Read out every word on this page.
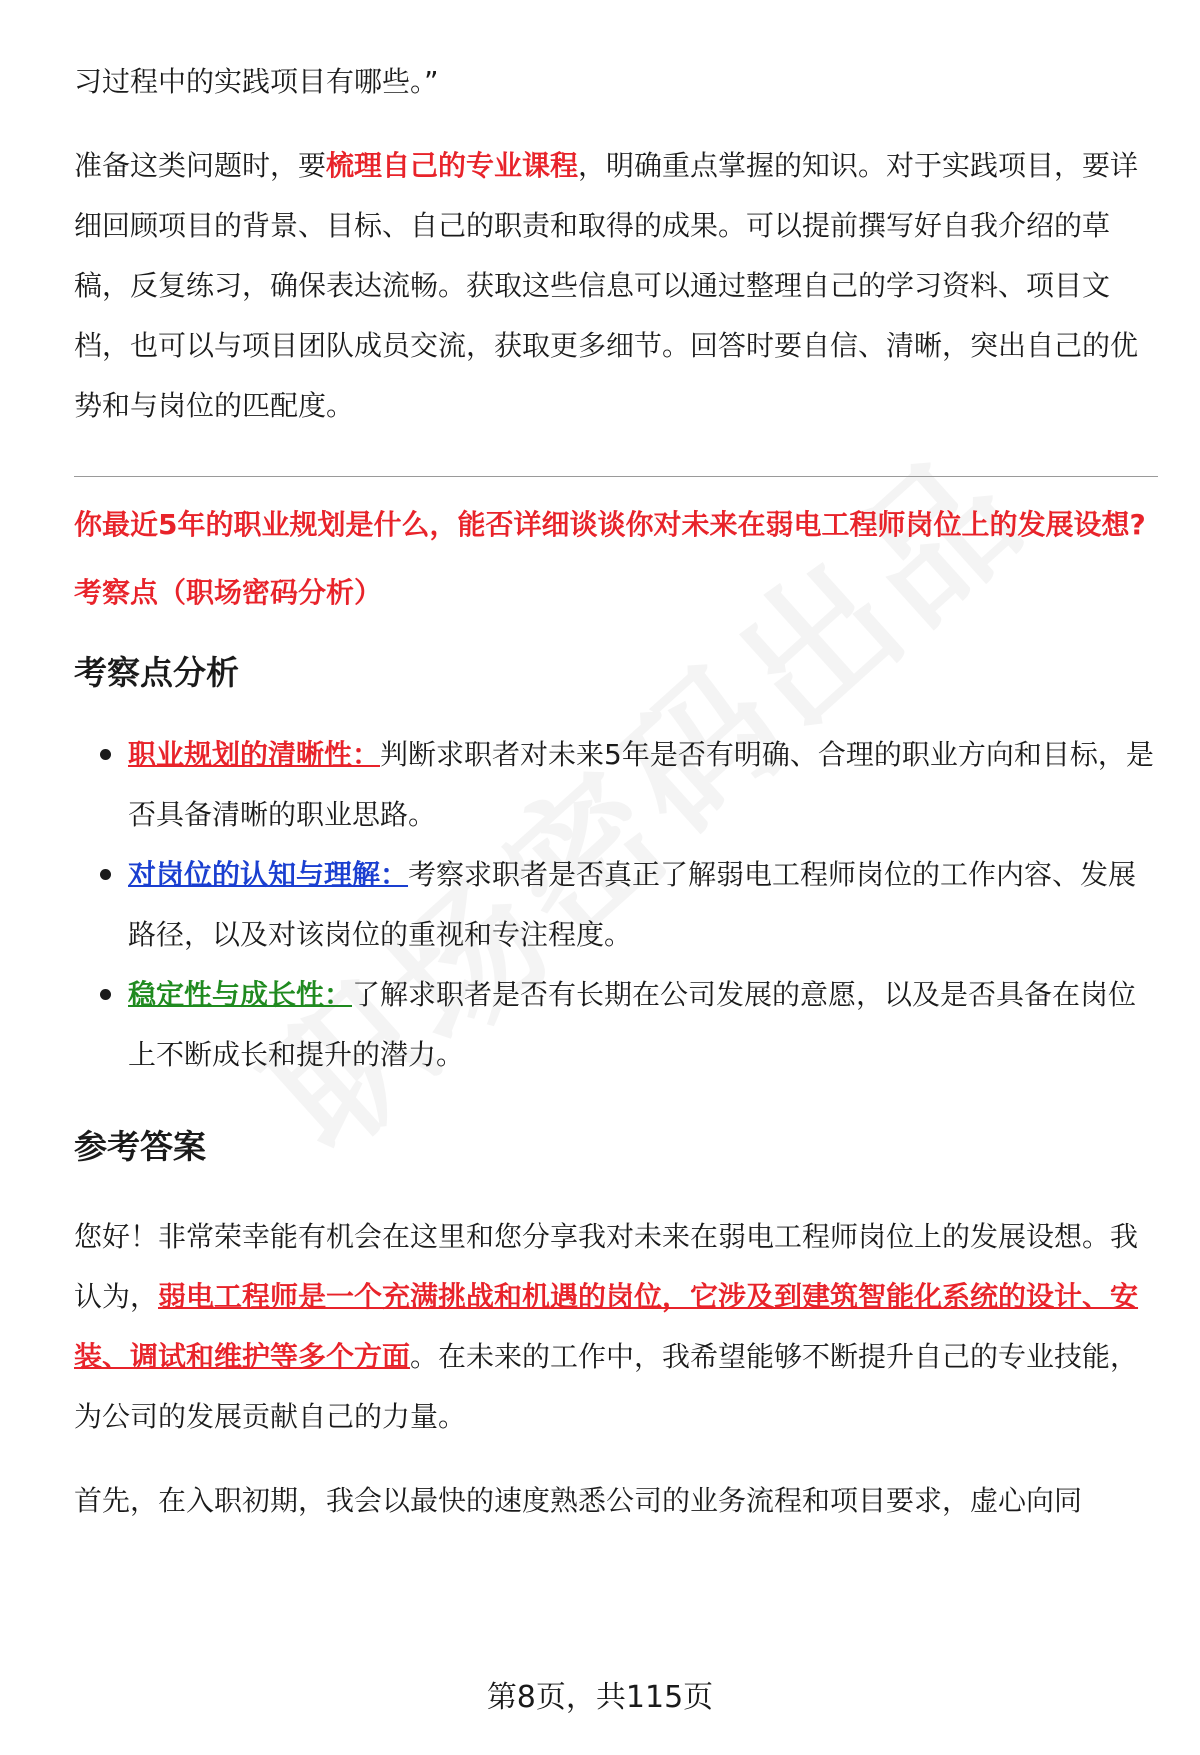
习过程中的实践项目有哪些。”

准备这类问题时，要梳理自己的专业课程，明确重点掌握的知识。对于实践项目，要详细回顾项目的背景、目标、自己的职责和取得的成果。可以提前撰写好自我介绍的草稿，反复练习，确保表达流畅。获取这些信息可以通过整理自己的学习资料、项目文档，也可以与项目团队成员交流，获取更多细节。回答时要自信、清晰，突出自己的优势和与岗位的匹配度。

你最近5年的职业规划是什么，能否详细谈谈你对未来在弱电工程师岗位上的发展设想?

考察点（职场密码分析）

考察点分析
职业规划的清晰性：判断求职者对未来5年是否有明确、合理的职业方向和目标，是否具备清晰的职业思路。
对岗位的认知与理解：考察求职者是否真正了解弱电工程师岗位的工作内容、发展路径，以及对该岗位的重视和专注程度。
稳定性与成长性：了解求职者是否有长期在公司发展的意愿，以及是否具备在岗位上不断成长和提升的潜力。
参考答案

您好！非常荣幸能有机会在这里和您分享我对未来在弱电工程师岗位上的发展设想。我认为，弱电工程师是一个充满挑战和机遇的岗位，它涉及到建筑智能化系统的设计、安装、调试和维护等多个方面。在未来的工作中，我希望能够不断提升自己的专业技能，为公司的发展贡献自己的力量。

首先，在入职初期，我会以最快的速度熟悉公司的业务流程和项目要求，虚心向同

第8页，共115页
